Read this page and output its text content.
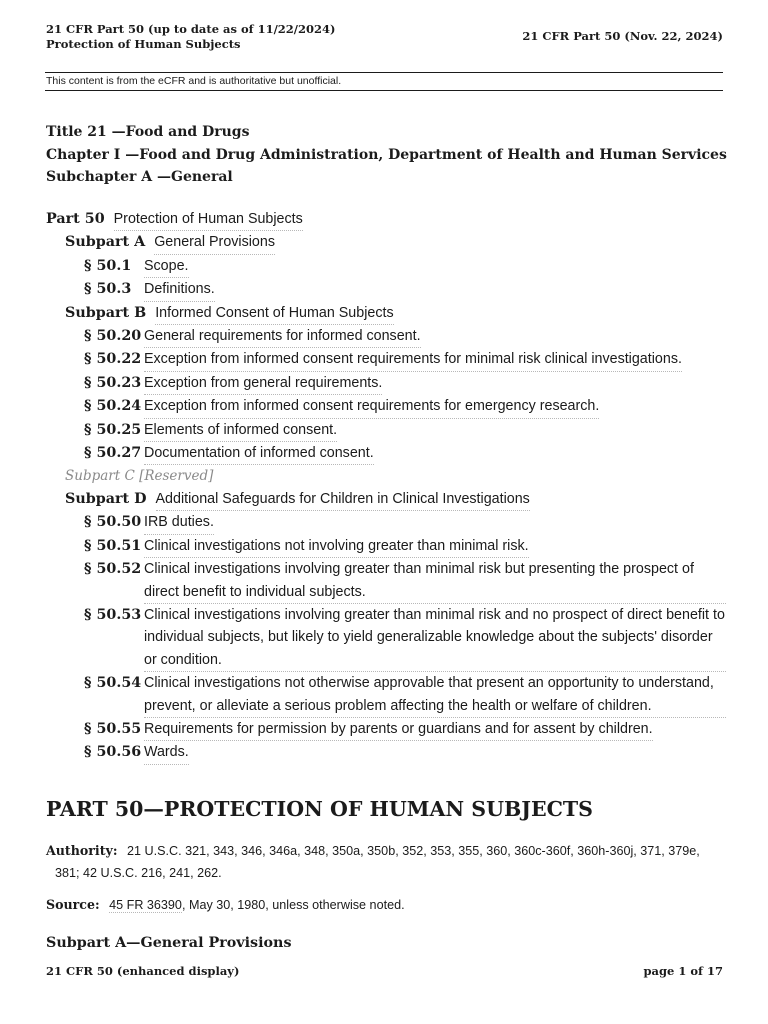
21 CFR Part 50 (up to date as of 11/22/2024)
Protection of Human Subjects
21 CFR Part 50 (Nov. 22, 2024)
This content is from the eCFR and is authoritative but unofficial.
Title 21 —Food and Drugs
Chapter I —Food and Drug Administration, Department of Health and Human Services
Subchapter A —General
Part 50 Protection of Human Subjects
Subpart A General Provisions
§ 50.1 Scope.
§ 50.3 Definitions.
Subpart B Informed Consent of Human Subjects
§ 50.20 General requirements for informed consent.
§ 50.22 Exception from informed consent requirements for minimal risk clinical investigations.
§ 50.23 Exception from general requirements.
§ 50.24 Exception from informed consent requirements for emergency research.
§ 50.25 Elements of informed consent.
§ 50.27 Documentation of informed consent.
Subpart C [Reserved]
Subpart D Additional Safeguards for Children in Clinical Investigations
§ 50.50 IRB duties.
§ 50.51 Clinical investigations not involving greater than minimal risk.
§ 50.52 Clinical investigations involving greater than minimal risk but presenting the prospect of direct benefit to individual subjects.
§ 50.53 Clinical investigations involving greater than minimal risk and no prospect of direct benefit to individual subjects, but likely to yield generalizable knowledge about the subjects' disorder or condition.
§ 50.54 Clinical investigations not otherwise approvable that present an opportunity to understand, prevent, or alleviate a serious problem affecting the health or welfare of children.
§ 50.55 Requirements for permission by parents or guardians and for assent by children.
§ 50.56 Wards.
PART 50—PROTECTION OF HUMAN SUBJECTS
Authority: 21 U.S.C. 321, 343, 346, 346a, 348, 350a, 350b, 352, 353, 355, 360, 360c-360f, 360h-360j, 371, 379e,
381; 42 U.S.C. 216, 241, 262.
Source: 45 FR 36390, May 30, 1980, unless otherwise noted.
Subpart A—General Provisions
21 CFR 50 (enhanced display)	page 1 of 17
